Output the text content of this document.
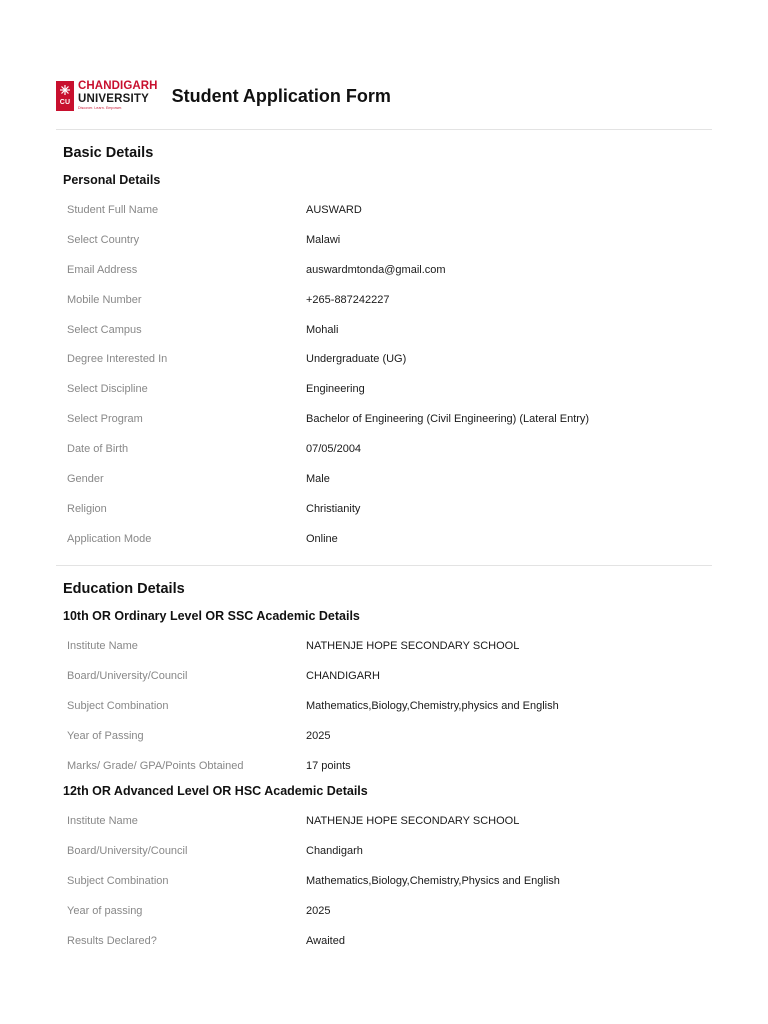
CU
CHANDIGARH
UNIVERSITY
Discover. Learn. Empower.
Student Application Form
Basic Details
Personal Details
Student Full Name	AUSWARD
Select Country	Malawi
Email Address	auswardmtonda@gmail.com
Mobile Number	+265-887242227
Select Campus	Mohali
Degree Interested In	Undergraduate (UG)
Select Discipline	Engineering
Select Program	Bachelor of Engineering (Civil Engineering) (Lateral Entry)
Date of Birth	07/05/2004
Gender	Male
Religion	Christianity
Application Mode	Online
Education Details
10th OR Ordinary Level OR SSC Academic Details
Institute Name	NATHENJE HOPE SECONDARY SCHOOL
Board/University/Council	CHANDIGARH
Subject Combination	Mathematics,Biology,Chemistry,physics and English
Year of Passing	2025
Marks/ Grade/ GPA/Points Obtained	17 points
12th OR Advanced Level OR HSC Academic Details
Institute Name	NATHENJE HOPE SECONDARY SCHOOL
Board/University/Council	Chandigarh
Subject Combination	Mathematics,Biology,Chemistry,Physics and English
Year of passing	2025
Results Declared?	Awaited
